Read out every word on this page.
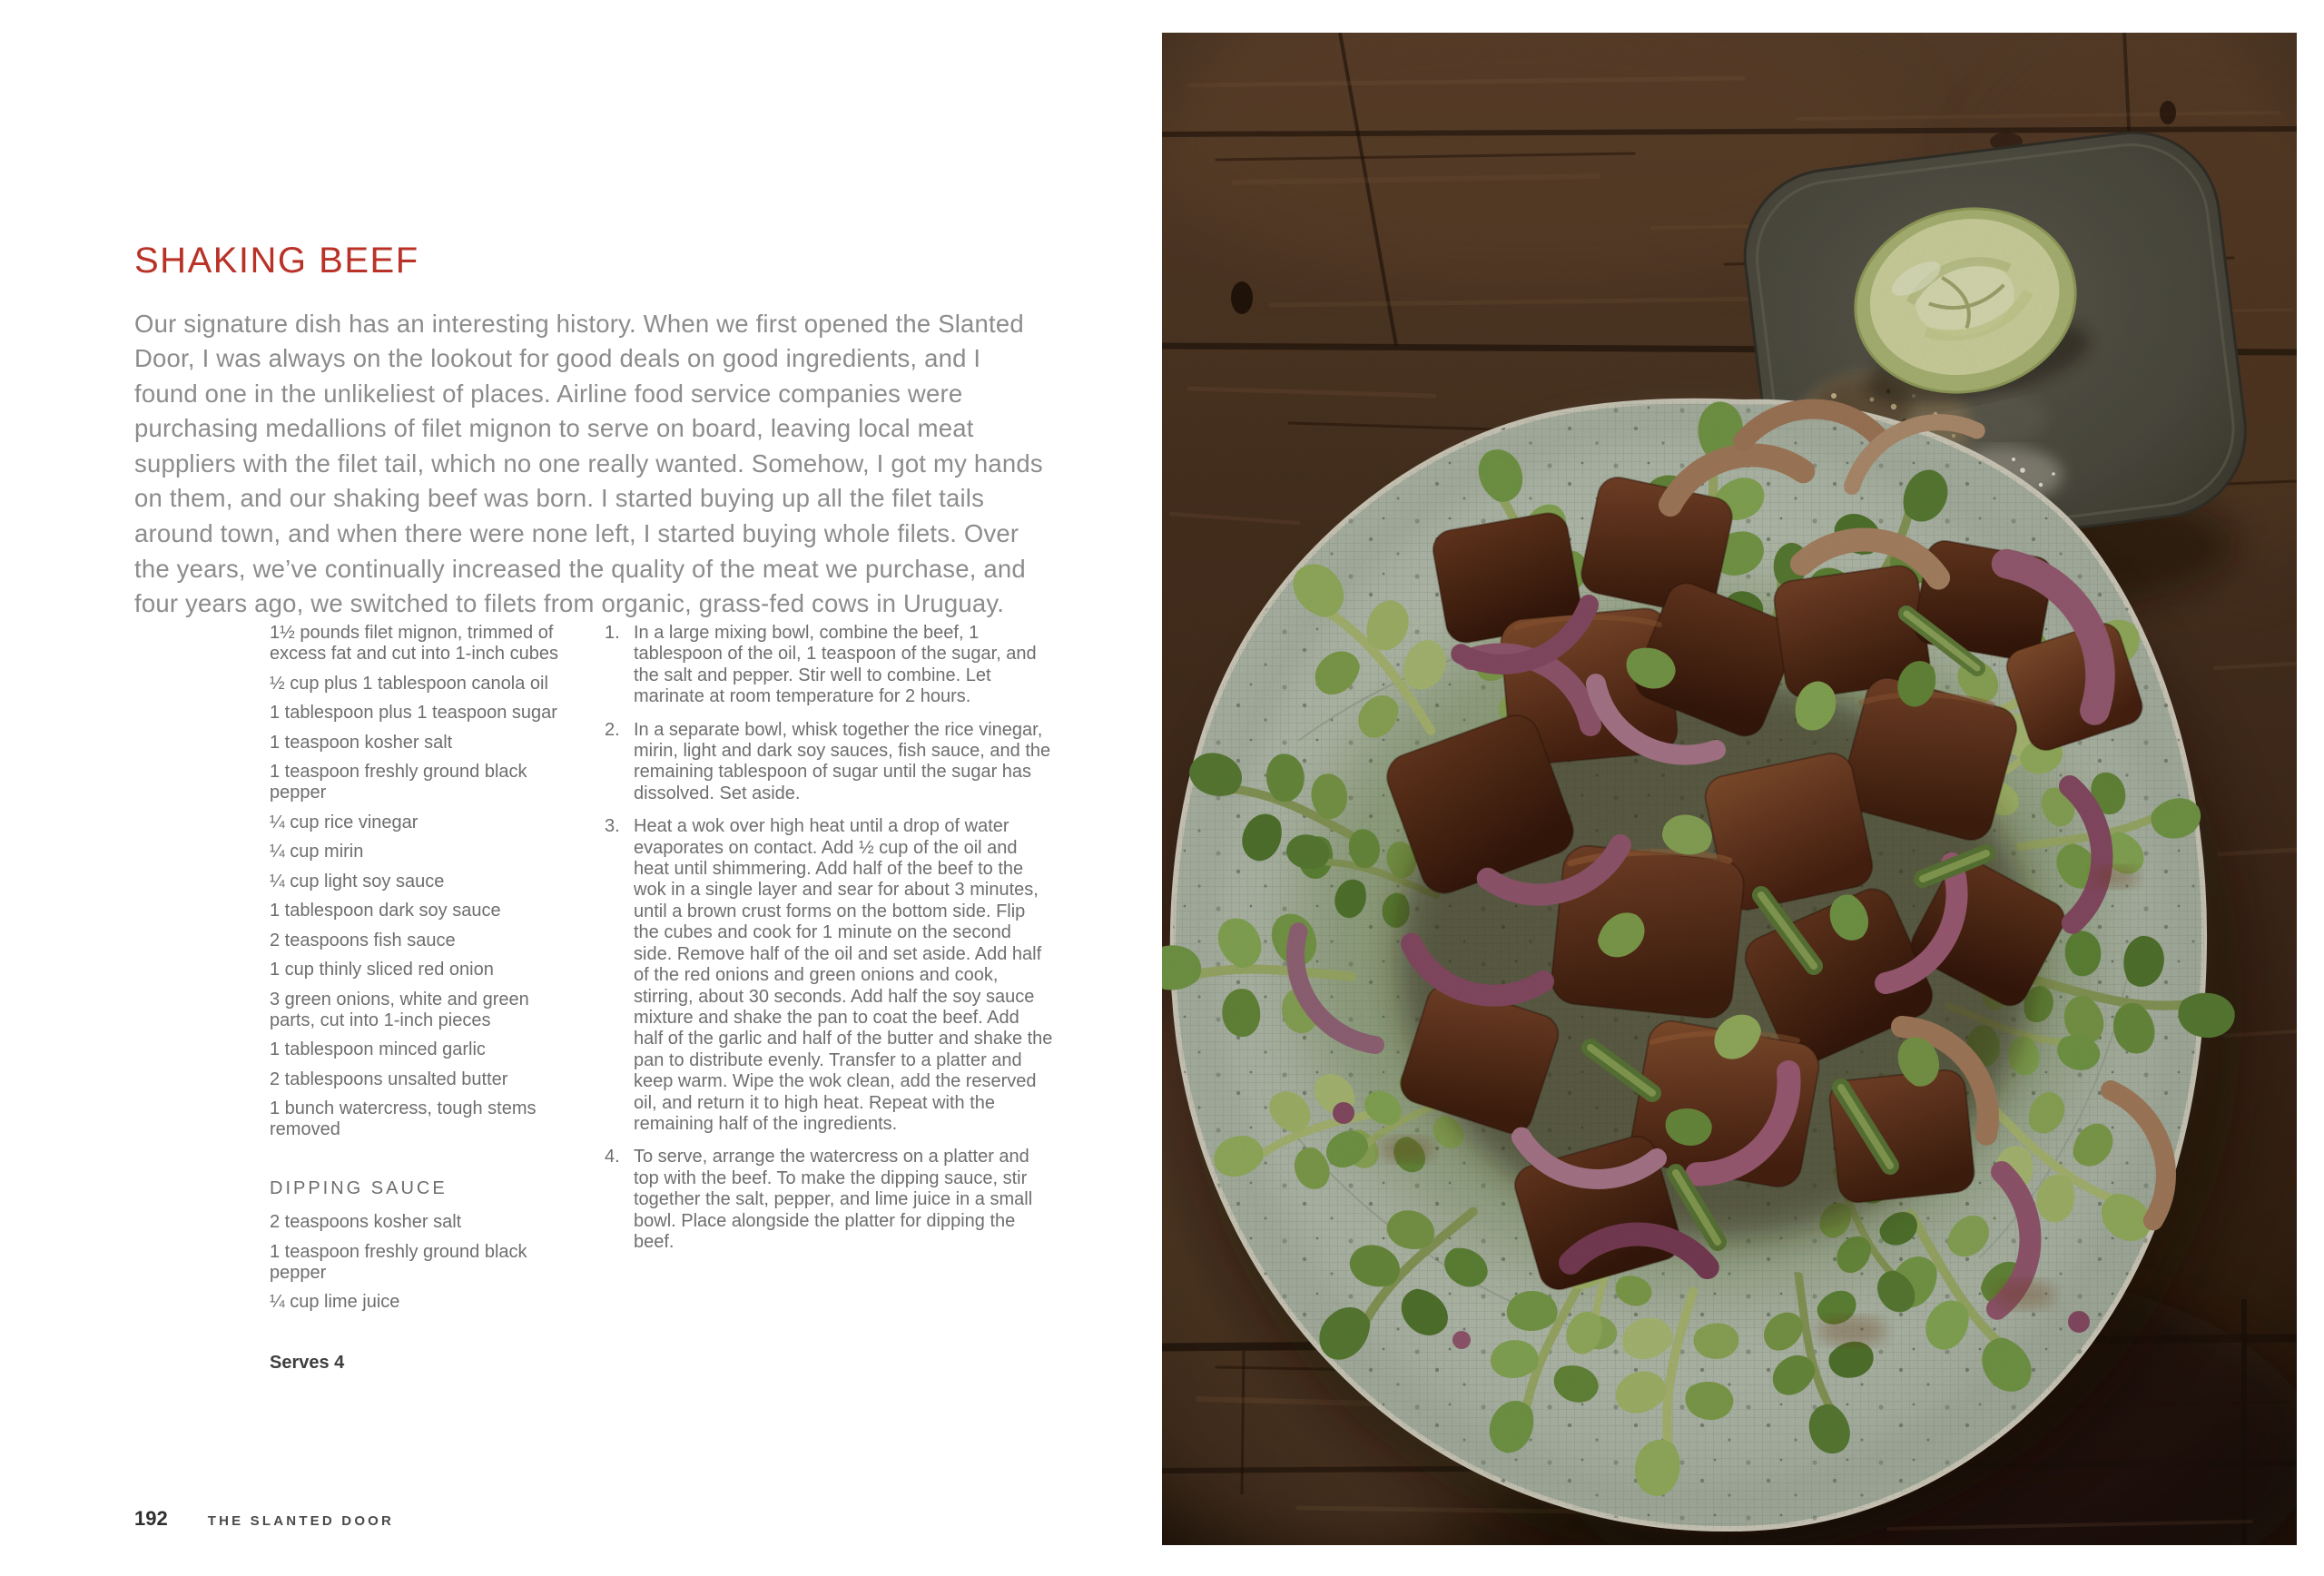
SHAKING BEEF

Our signature dish has an interesting history. When we first opened the Slanted Door, I was always on the lookout for good deals on good ingredients, and I found one in the unlikeliest of places. Airline food service companies were purchasing medallions of filet mignon to serve on board, leaving local meat suppliers with the filet tail, which no one really wanted. Somehow, I got my hands on them, and our shaking beef was born. I started buying up all the filet tails around town, and when there were none left, I started buying whole filets. Over the years, we’ve continually increased the quality of the meat we purchase, and four years ago, we switched to filets from organic, grass-fed cows in Uruguay.

1½ pounds filet mignon, trimmed of excess fat and cut into 1-inch cubes

½ cup plus 1 tablespoon canola oil

1 tablespoon plus 1 teaspoon sugar

1 teaspoon kosher salt

1 teaspoon freshly ground black pepper

¼ cup rice vinegar

¼ cup mirin

¼ cup light soy sauce

1 tablespoon dark soy sauce

2 teaspoons fish sauce

1 cup thinly sliced red onion

3 green onions, white and green parts, cut into 1-inch pieces

1 tablespoon minced garlic

2 tablespoons unsalted butter

1 bunch watercress, tough stems removed

DIPPING SAUCE

2 teaspoons kosher salt

1 teaspoon freshly ground black pepper

¼ cup lime juice

Serves 4

1. In a large mixing bowl, combine the beef, 1 tablespoon of the oil, 1 teaspoon of the sugar, and the salt and pepper. Stir well to combine. Let marinate at room temperature for 2 hours.
2. In a separate bowl, whisk together the rice vinegar, mirin, light and dark soy sauces, fish sauce, and the remaining tablespoon of sugar until the sugar has dissolved. Set aside.
3. Heat a wok over high heat until a drop of water evaporates on contact. Add ½ cup of the oil and heat until shimmering. Add half of the beef to the wok in a single layer and sear for about 3 minutes, until a brown crust forms on the bottom side. Flip the cubes and cook for 1 minute on the second side. Remove half of the oil and set aside. Add half of the red onions and green onions and cook, stirring, about 30 seconds. Add half the soy sauce mixture and shake the pan to coat the beef. Add half of the garlic and half of the butter and shake the pan to distribute evenly. Transfer to a platter and keep warm. Wipe the wok clean, add the reserved oil, and return it to high heat. Repeat with the remaining half of the ingredients.
4. To serve, arrange the watercress on a platter and top with the beef. To make the dipping sauce, stir together the salt, pepper, and lime juice in a small bowl. Place alongside the platter for dipping the beef.
192	THE SLANTED DOOR
